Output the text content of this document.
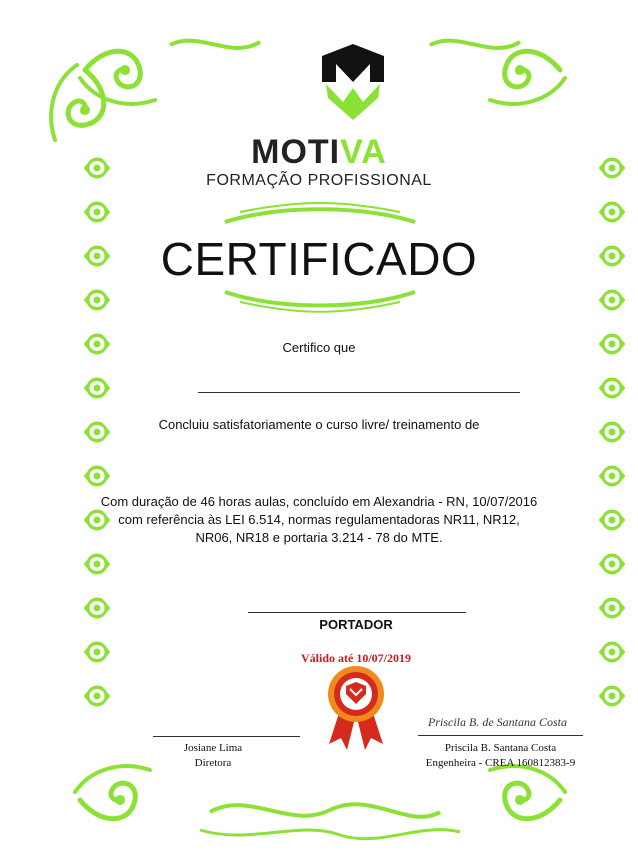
MOTIVA
FORMAÇÃO PROFISSIONAL
CERTIFICADO
Certifico que
Concluiu satisfatoriamente o curso livre/ treinamento de
Com duração de 46 horas aulas, concluído em Alexandria - RN, 10/07/2016
com referência às LEI 6.514, normas regulamentadoras NR11, NR12,
NR06, NR18 e portaria 3.214 - 78 do MTE.
PORTADOR
Válido até 10/07/2019
Josiane Lima
Diretora
Priscila B. de Santana Costa
Priscila B. Santana Costa
Engenheira - CREA 160812383-9
